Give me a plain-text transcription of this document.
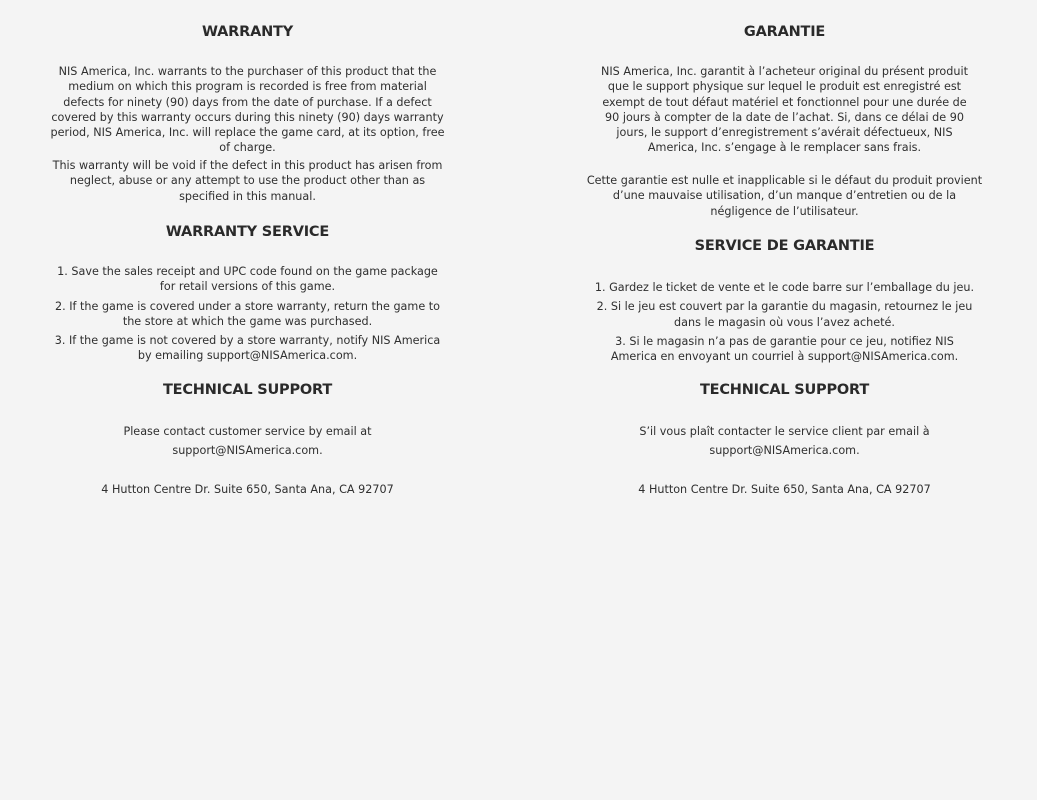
WARRANTY

NIS America, Inc. warrants to the purchaser of this product that the medium on which this program is recorded is free from material defects for ninety (90) days from the date of purchase. If a defect covered by this warranty occurs during this ninety (90) days warranty period, NIS America, Inc. will replace the game card, at its option, free of charge.

This warranty will be void if the defect in this product has arisen from neglect, abuse or any attempt to use the product other than as specified in this manual.

WARRANTY SERVICE
1. Save the sales receipt and UPC code found on the game package for retail versions of this game.
2. If the game is covered under a store warranty, return the game to the store at which the game was purchased.
3. If the game is not covered by a store warranty, notify NIS America by emailing support@NISAmerica.com.
TECHNICAL SUPPORT

Please contact customer service by email at

support@NISAmerica.com.

4 Hutton Centre Dr. Suite 650, Santa Ana, CA 92707

GARANTIE

NIS America, Inc. garantit à l’acheteur original du présent produit que le support physique sur lequel le produit est enregistré est exempt de tout défaut matériel et fonctionnel pour une durée de 90 jours à compter de la date de l’achat. Si, dans ce délai de 90 jours, le support d’enregistrement s’avérait défectueux, NIS America, Inc. s’engage à le remplacer sans frais.

Cette garantie est nulle et inapplicable si le défaut du produit provient d’une mauvaise utilisation, d’un manque d’entretien ou de la négligence de l’utilisateur.

SERVICE DE GARANTIE
1. Gardez le ticket de vente et le code barre sur l’emballage du jeu.
2. Si le jeu est couvert par la garantie du magasin, retournez le jeu dans le magasin où vous l’avez acheté.
3. Si le magasin n’a pas de garantie pour ce jeu, notifiez NIS America en envoyant un courriel à support@NISAmerica.com.
TECHNICAL SUPPORT

S’il vous plaît contacter le service client par email à

support@NISAmerica.com.

4 Hutton Centre Dr. Suite 650, Santa Ana, CA 92707
